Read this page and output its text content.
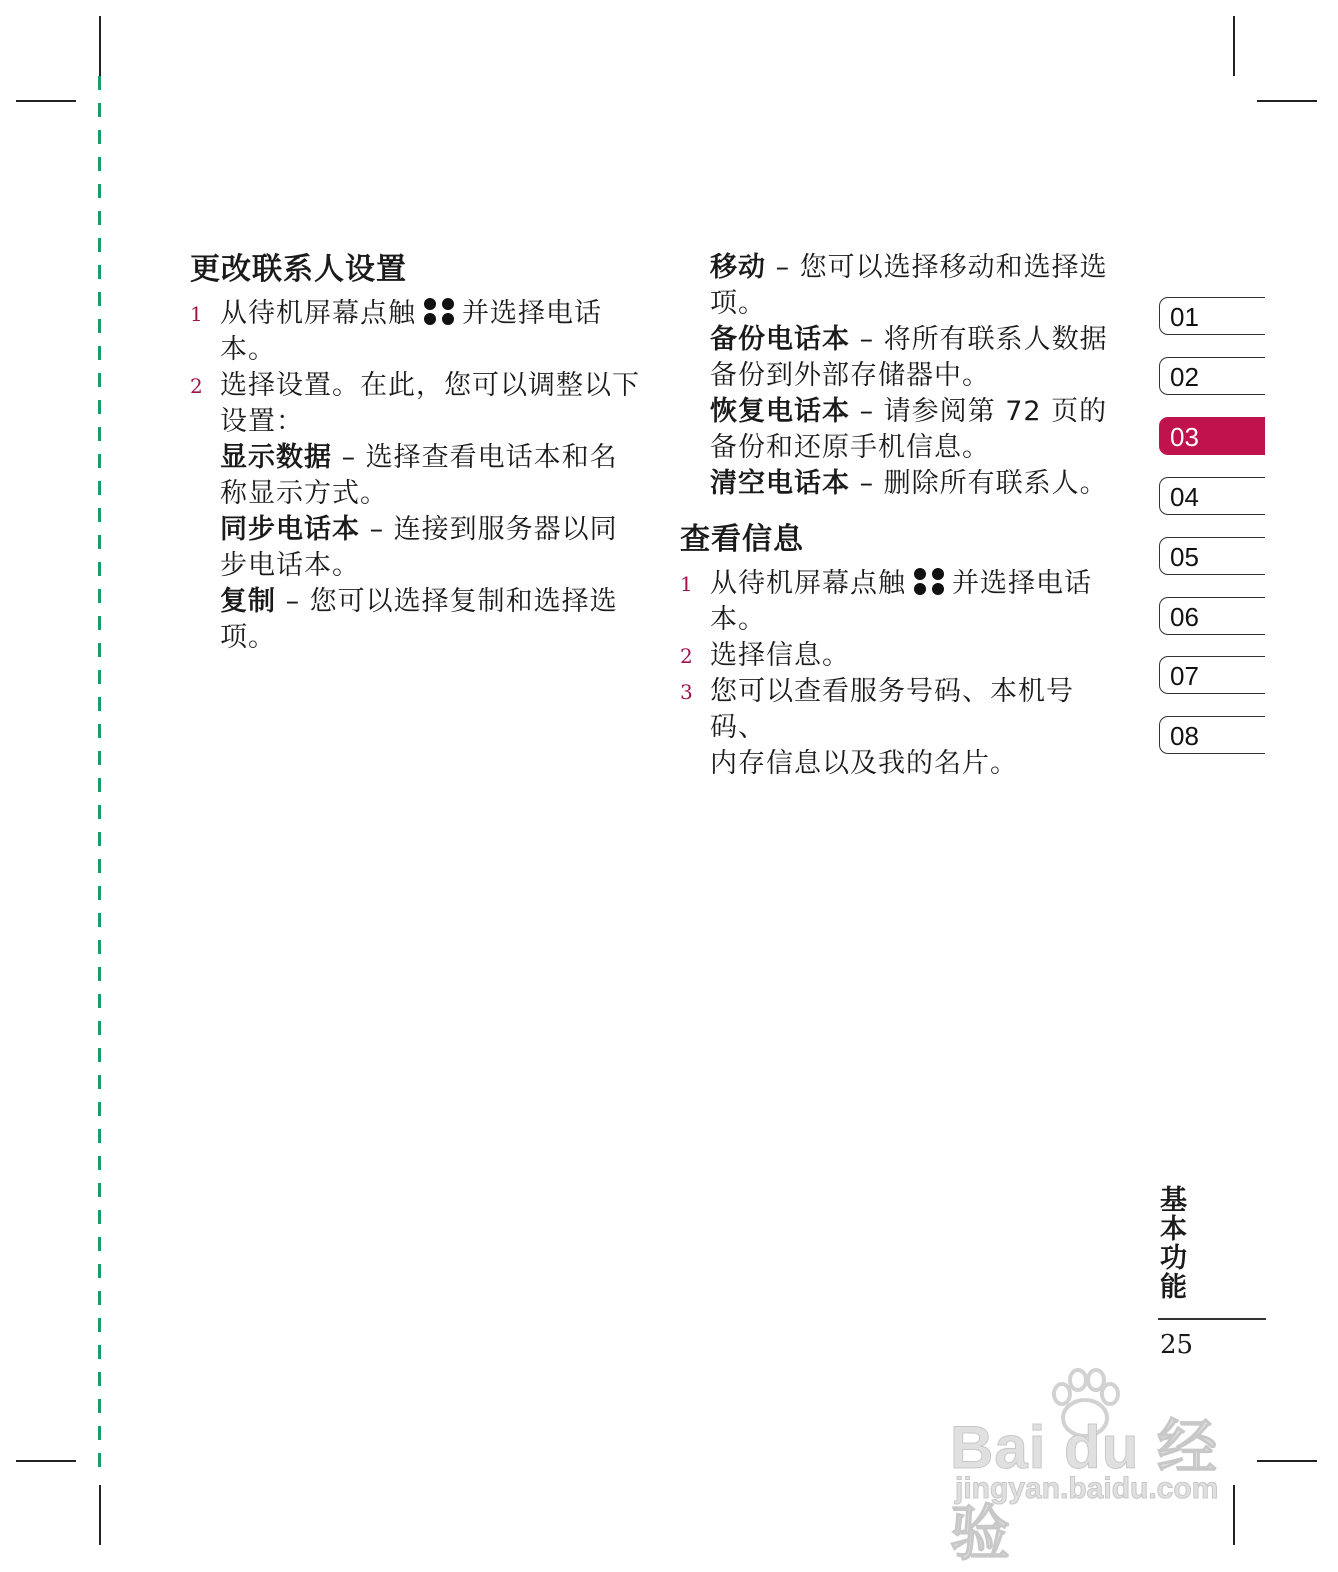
更改联系人设置
1 从待机屏幕点触 并选择电话
本。
2 选择设置。在此，您可以调整以下
设置：
显示数据 – 选择查看电话本和名
称显示方式。
同步电话本 – 连接到服务器以同
步电话本。
复制 – 您可以选择复制和选择选
项。
移动 – 您可以选择移动和选择选
项。
备份电话本 – 将所有联系人数据
备份到外部存储器中。
恢复电话本 – 请参阅第 72 页的
备份和还原手机信息。
清空电话本 – 删除所有联系人。
查看信息
1 从待机屏幕点触 并选择电话
本。
2 选择信息。
3 您可以查看服务号码、本机号码、
内存信息以及我的名片。
01
02
03
04
05
06
07
08
基本功能
25
Bai du 经验
jingyan.baidu.com
